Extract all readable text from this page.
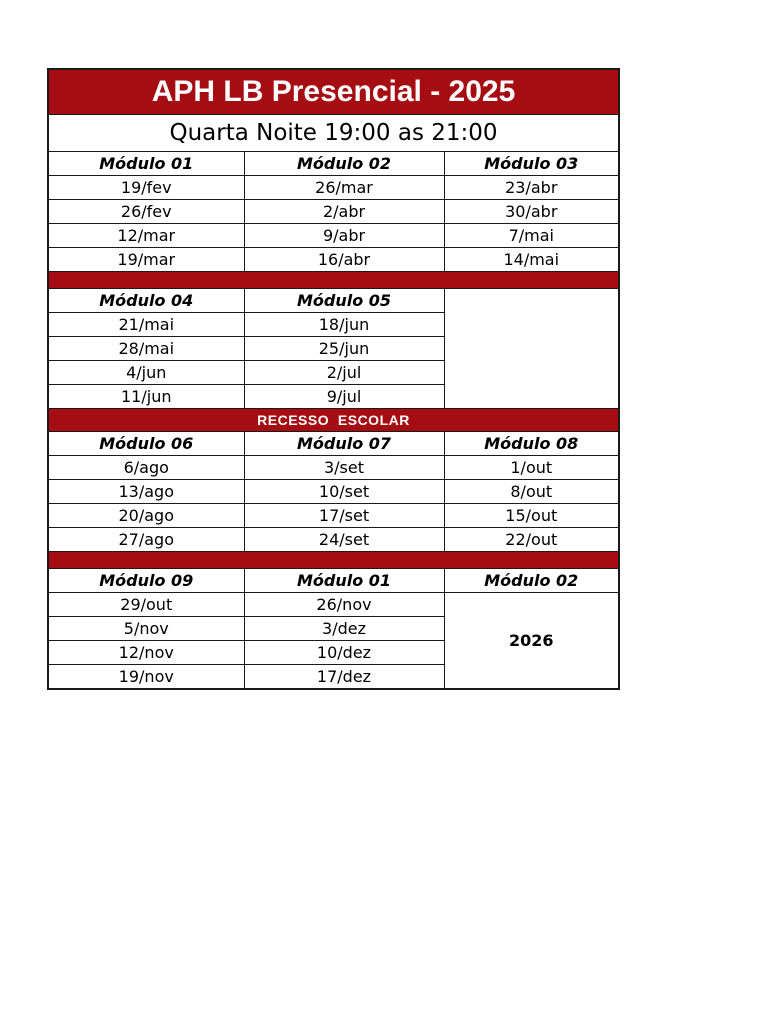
APH LB Presencial - 2025		
Quarta Noite 19:00 as 21:00		
Módulo 01	Módulo 02	Módulo 03
19/fev	26/mar	23/abr
26/fev	2/abr	30/abr
12/mar	9/abr	7/mai
19/mar	16/abr	14/mai

Módulo 04	Módulo 05	
21/mai	18/jun	
28/mai	25/jun	
4/jun	2/jul	
11/jun	9/jul	
RECESSO  ESCOLAR		
Módulo 06	Módulo 07	Módulo 08
6/ago	3/set	1/out
13/ago	10/set	8/out
20/ago	17/set	15/out
27/ago	24/set	22/out

Módulo 09	Módulo 01	Módulo 02
29/out	26/nov	2026
5/nov	3/dez	
12/nov	10/dez	
19/nov	17/dez	
